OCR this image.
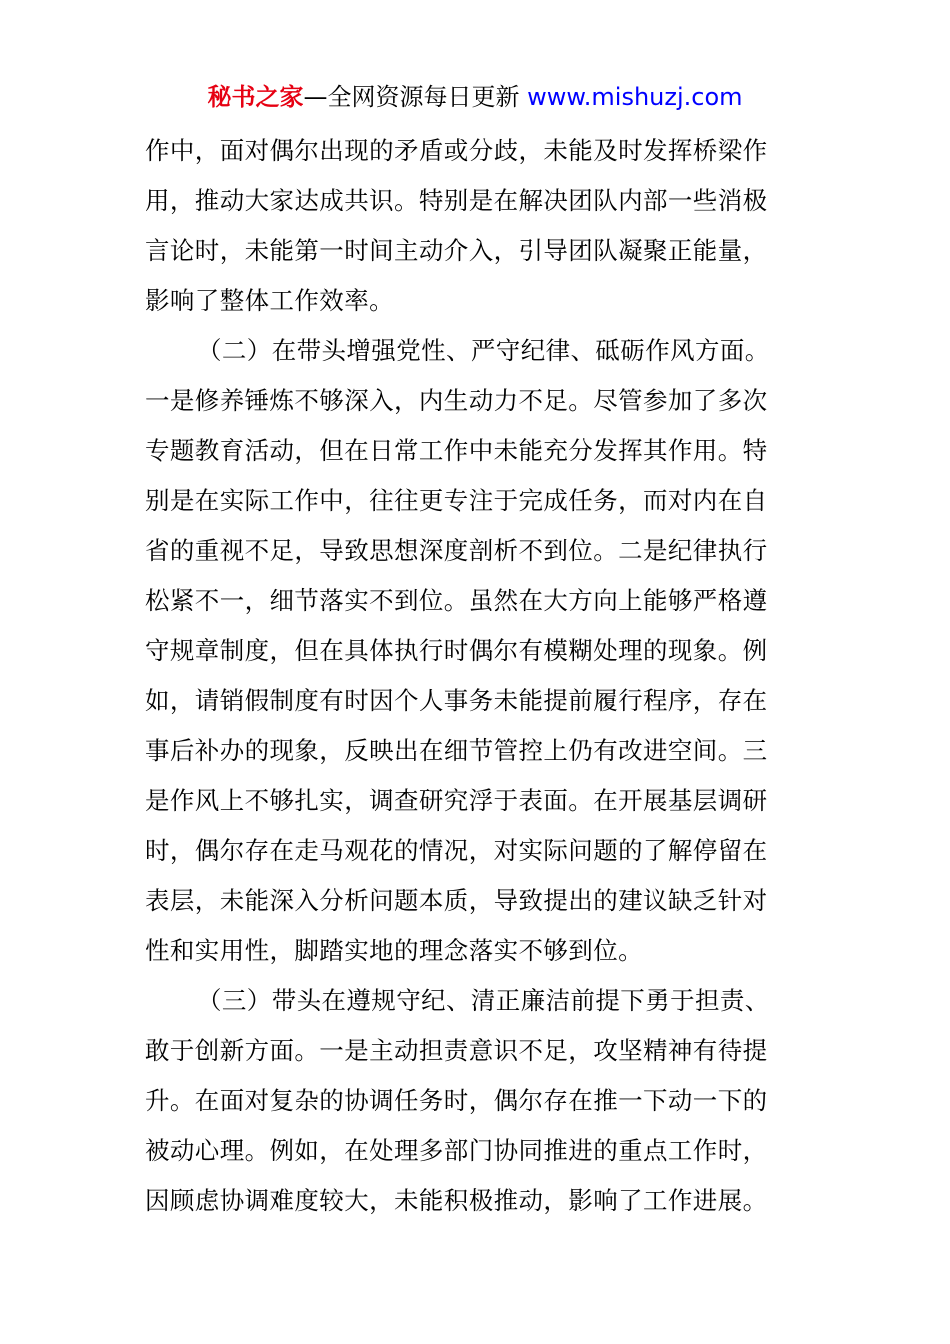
秘书之家—全网资源每日更新 www.mishuzj.com
作中，面对偶尔出现的矛盾或分歧，未能及时发挥桥梁作
用，推动大家达成共识。特别是在解决团队内部一些消极
言论时，未能第一时间主动介入，引导团队凝聚正能量，
影响了整体工作效率。
（二）在带头增强党性、严守纪律、砥砺作风方面。
一是修养锤炼不够深入，内生动力不足。尽管参加了多次
专题教育活动，但在日常工作中未能充分发挥其作用。特
别是在实际工作中，往往更专注于完成任务，而对内在自
省的重视不足，导致思想深度剖析不到位。二是纪律执行
松紧不一，细节落实不到位。虽然在大方向上能够严格遵
守规章制度，但在具体执行时偶尔有模糊处理的现象。例
如，请销假制度有时因个人事务未能提前履行程序，存在
事后补办的现象，反映出在细节管控上仍有改进空间。三
是作风上不够扎实，调查研究浮于表面。在开展基层调研
时，偶尔存在走马观花的情况，对实际问题的了解停留在
表层，未能深入分析问题本质，导致提出的建议缺乏针对
性和实用性，脚踏实地的理念落实不够到位。
（三）带头在遵规守纪、清正廉洁前提下勇于担责、
敢于创新方面。一是主动担责意识不足，攻坚精神有待提
升。在面对复杂的协调任务时，偶尔存在推一下动一下的
被动心理。例如，在处理多部门协同推进的重点工作时，
因顾虑协调难度较大，未能积极推动，影响了工作进展。
